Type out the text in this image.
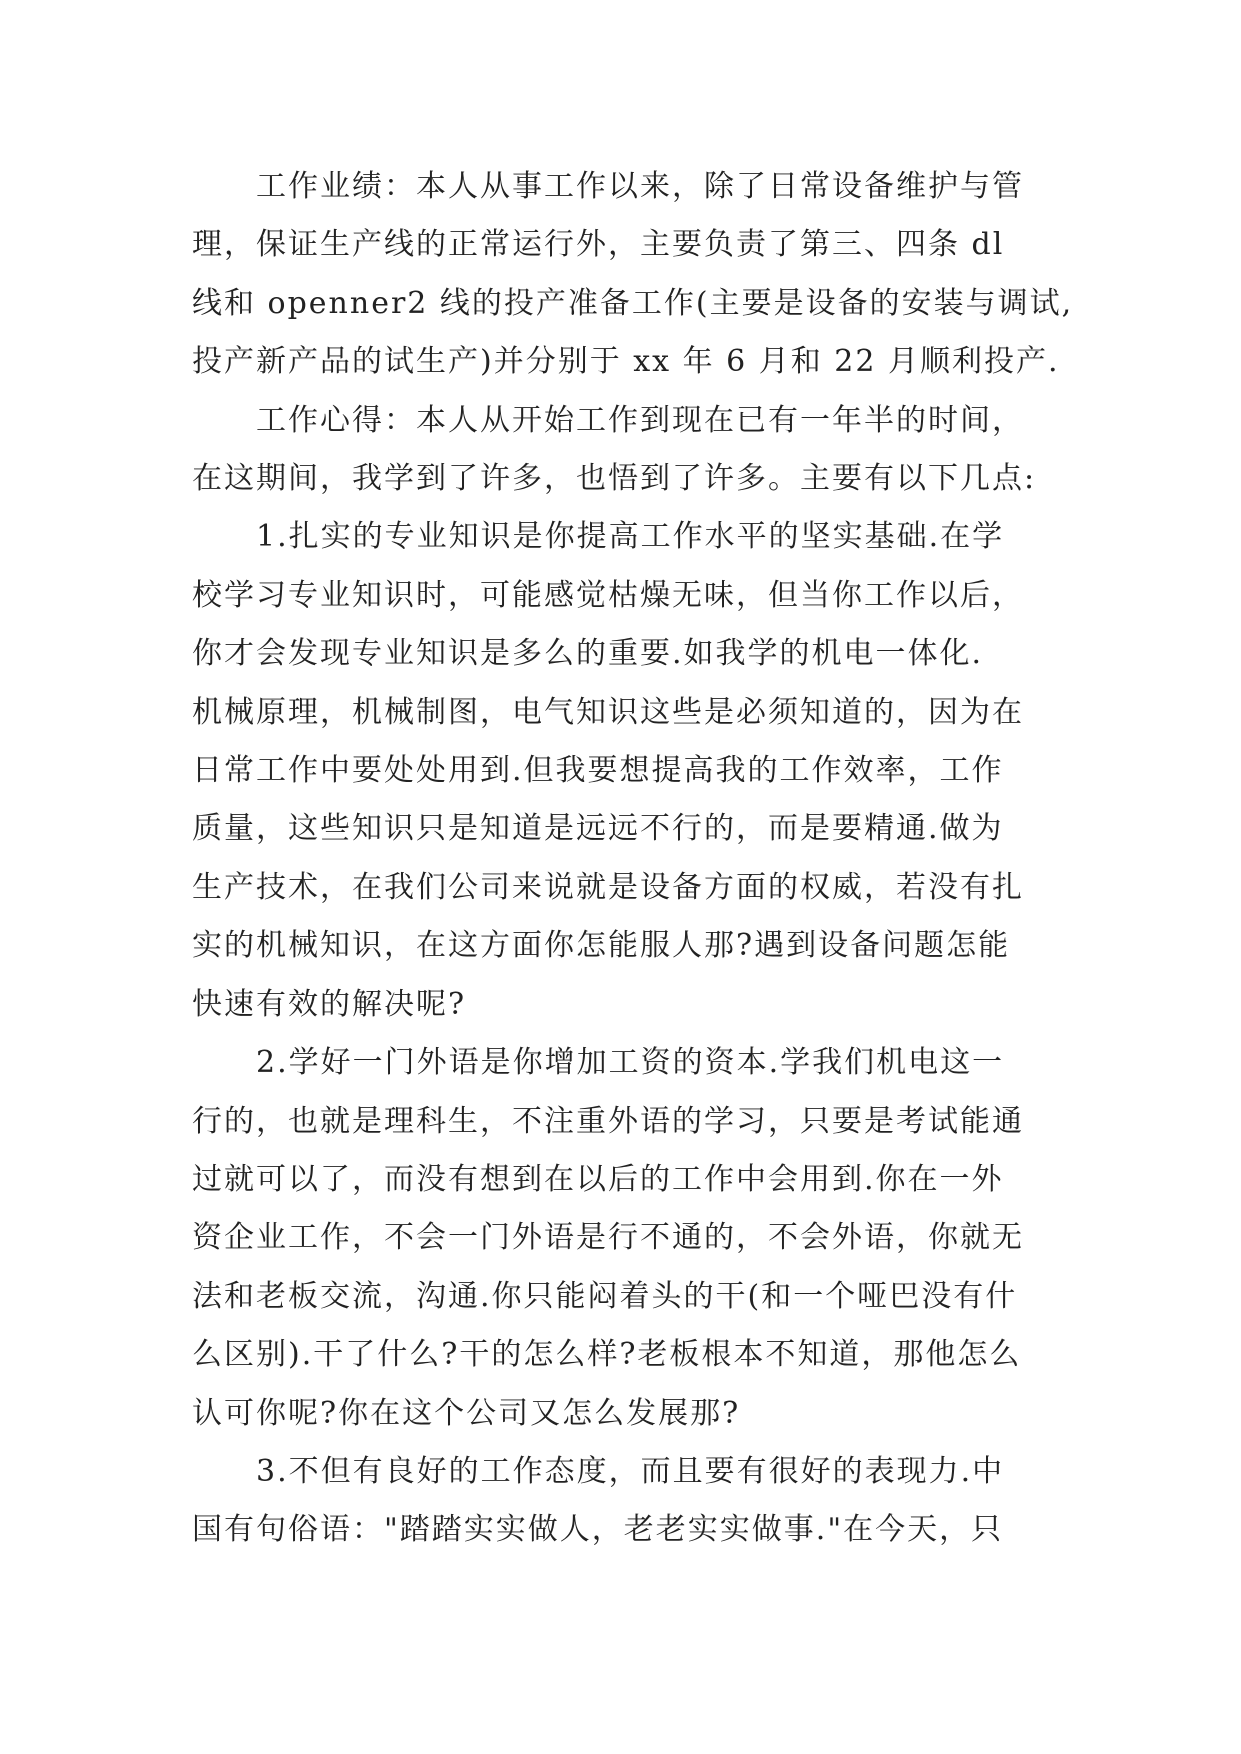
工作业绩：本人从事工作以来，除了日常设备维护与管
理，保证生产线的正常运行外，主要负责了第三、四条 dl
线和 openner2 线的投产准备工作(主要是设备的安装与调试,
投产新产品的试生产)并分别于 xx 年 6 月和 22 月顺利投产.

工作心得：本人从开始工作到现在已有一年半的时间，
在这期间，我学到了许多，也悟到了许多。主要有以下几点:

1.扎实的专业知识是你提高工作水平的坚实基础.在学
校学习专业知识时，可能感觉枯燥无味，但当你工作以后，
你才会发现专业知识是多么的重要.如我学的机电一体化.
机械原理，机械制图，电气知识这些是必须知道的，因为在
日常工作中要处处用到.但我要想提高我的工作效率，工作
质量，这些知识只是知道是远远不行的，而是要精通.做为
生产技术，在我们公司来说就是设备方面的权威，若没有扎
实的机械知识，在这方面你怎能服人那?遇到设备问题怎能
快速有效的解决呢?

2.学好一门外语是你增加工资的资本.学我们机电这一
行的，也就是理科生，不注重外语的学习，只要是考试能通
过就可以了，而没有想到在以后的工作中会用到.你在一外
资企业工作，不会一门外语是行不通的，不会外语，你就无
法和老板交流，沟通.你只能闷着头的干(和一个哑巴没有什
么区别).干了什么?干的怎么样?老板根本不知道，那他怎么
认可你呢?你在这个公司又怎么发展那?

3.不但有良好的工作态度，而且要有很好的表现力.中
国有句俗语："踏踏实实做人，老老实实做事."在今天，只
